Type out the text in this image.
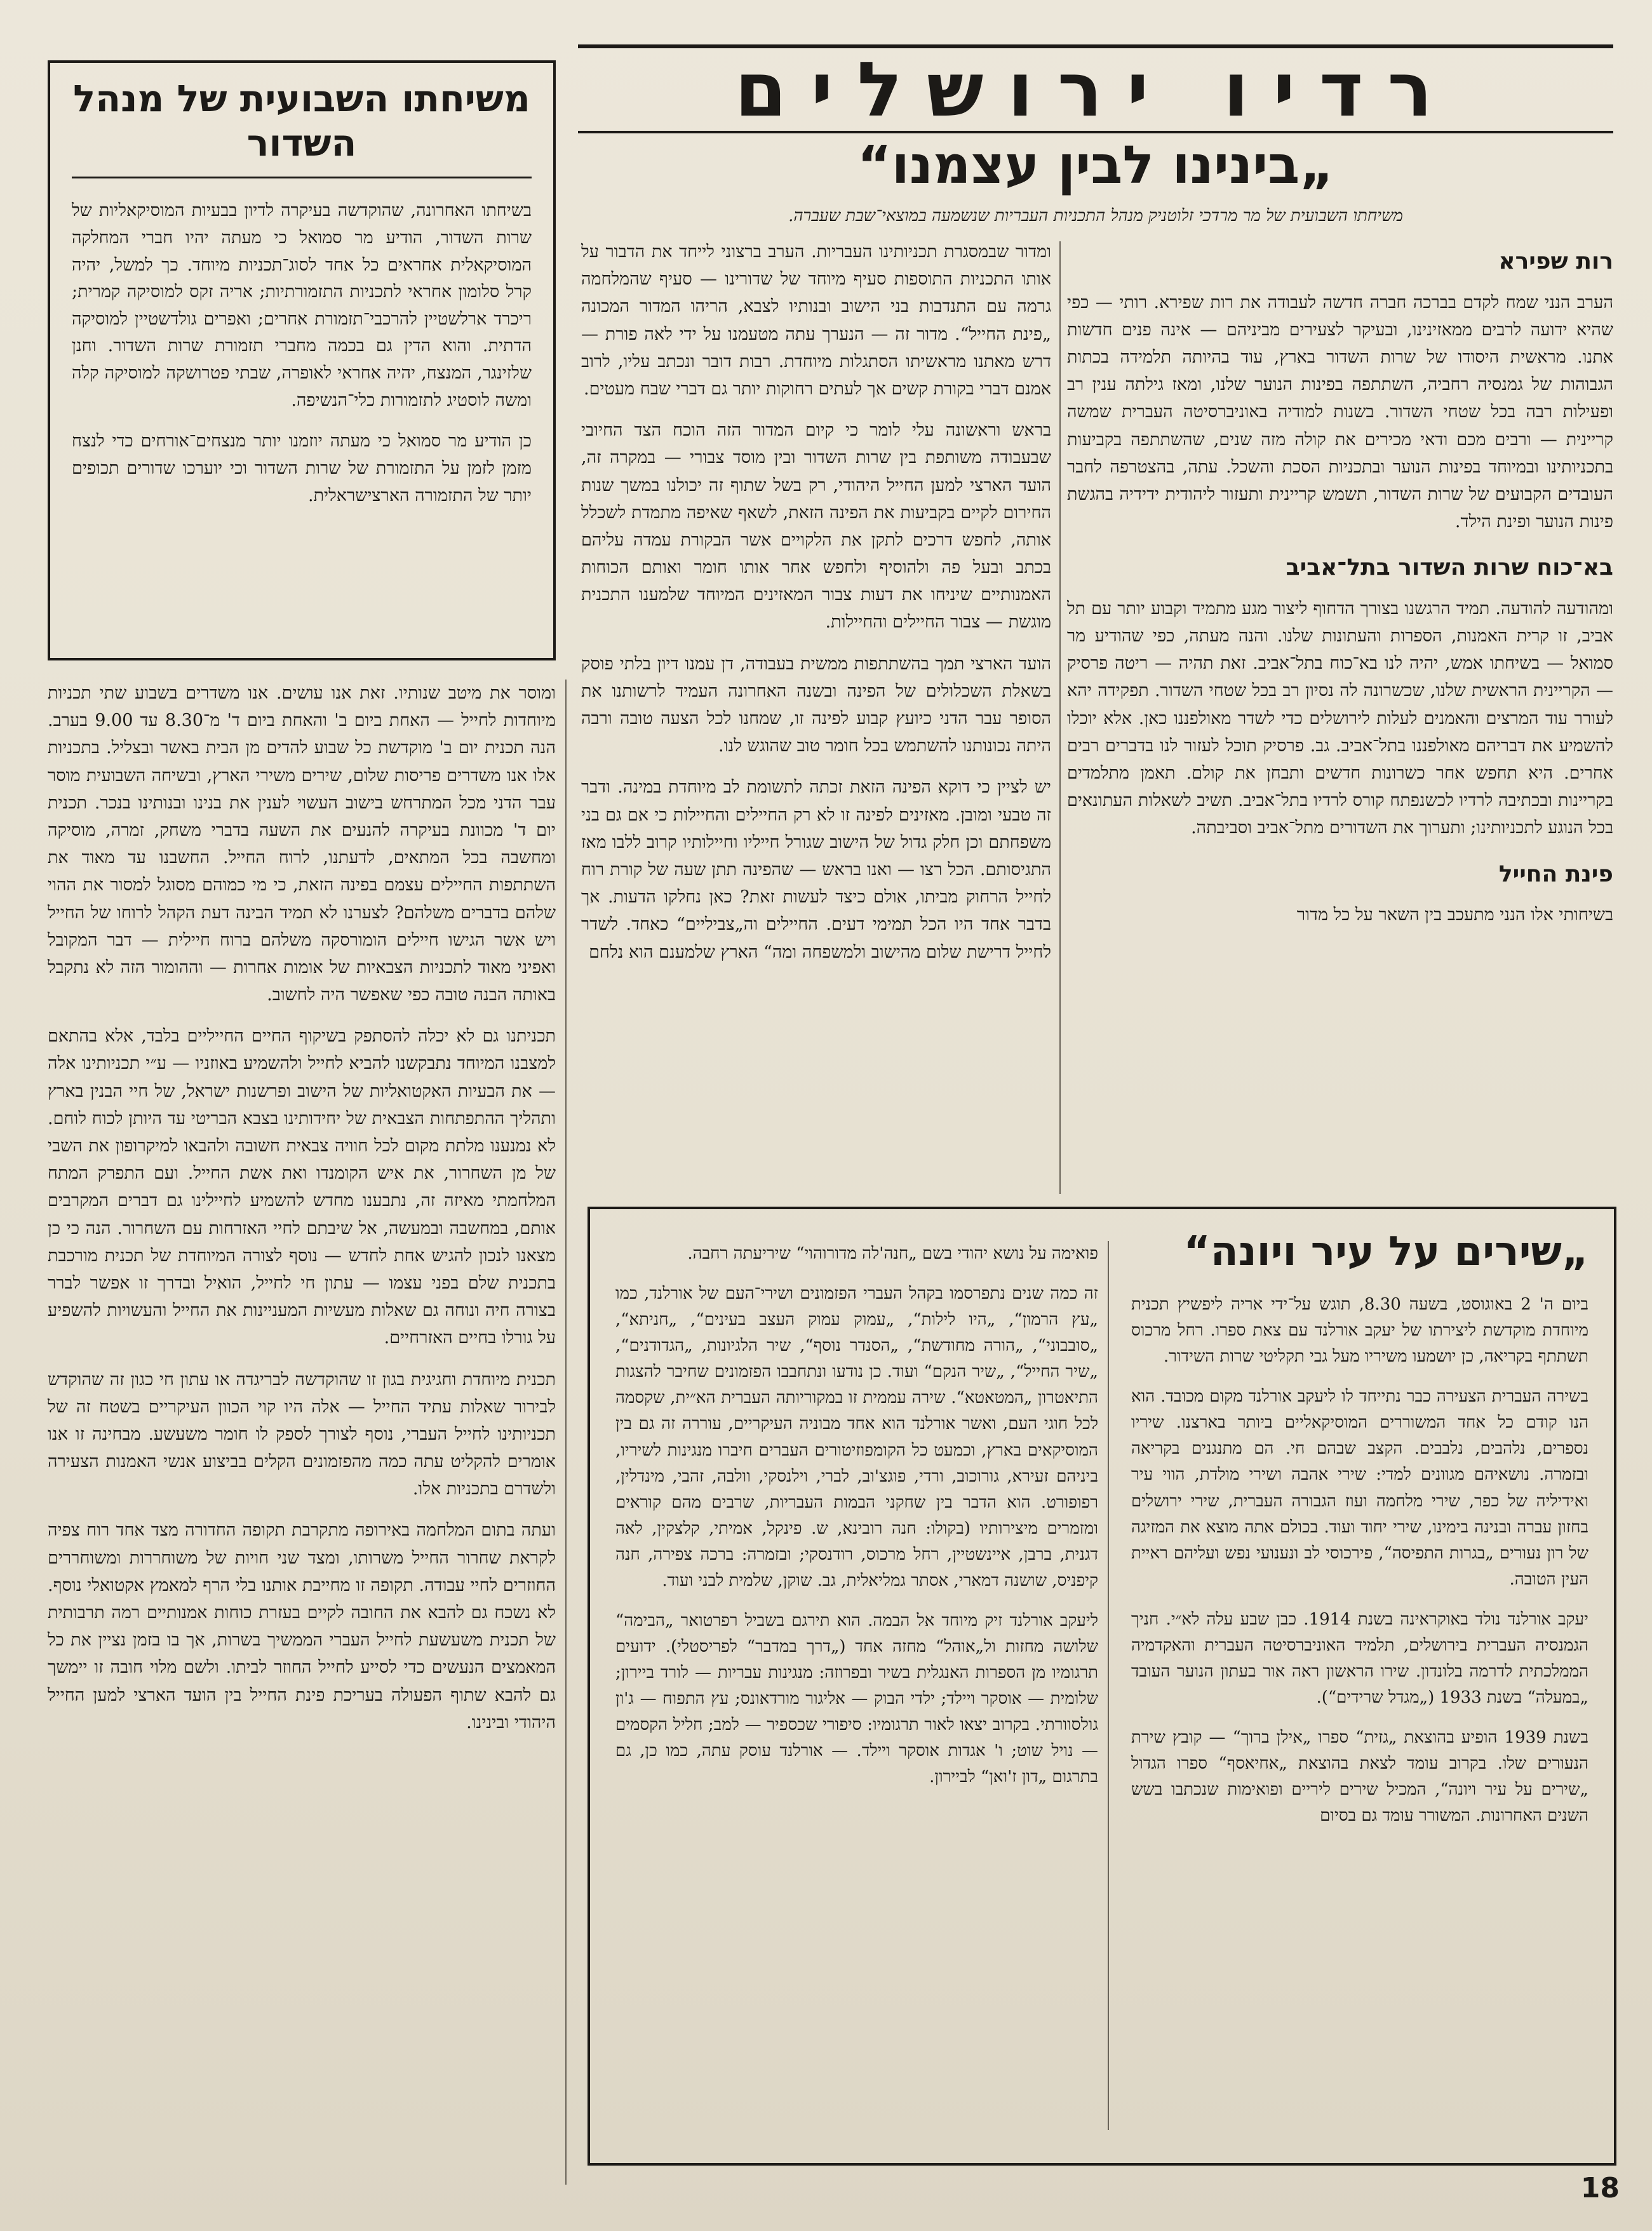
רדיו ירושלים
„בינינו לבין עצמנו“
משיחתו השבועית של מר מרדכי זלוטניק מנהל התכניות העבריות שנשמעה במוצאי־שבת שעברה.
משיחתו השבועית של מנהל השדור

בשיחתו האחרונה, שהוקדשה בעיקרה לדיון בבעיות המוסיקאליות של שרות השדור, הודיע מר סמואל כי מעתה יהיו חברי המחלקה המוסיקאלית אחראים כל אחד לסוג־תכניות מיוחד. כך למשל, יהיה קרל סלומון אחראי לתכניות התזמורתיות; אריה זקס למוסיקה קמרית; ריכרד ארלשטיין להרכבי־תזמורת אחרים; ואפרים גולדשטיין למוסיקה הדתית. והוא הדין גם בכמה מחברי תזמורת שרות השדור. וחנן שלזינגר, המנצח, יהיה אחראי לאופרה, שבתי פטרושקה למוסיקה קלה ומשה לוסטיג לתזמורות כלי־הנשיפה.

כן הודיע מר סמואל כי מעתה יוזמנו יותר מנצחים־אורחים כדי לנצח מזמן לזמן על התזמורת של שרות השדור וכי יוערכו שדורים תכופים יותר של התזמורה הארצישראלית.

רות שפירא

הערב הנני שמח לקדם בברכה חברה חדשה לעבודה את רות שפירא. רותי — כפי שהיא ידועה לרבים ממאזינינו, ובעיקר לצעירים מביניהם — אינה פנים חדשות אתנו. מראשית היסודו של שרות השדור בארץ, עוד בהיותה תלמידה בכתות הגבוהות של גמנסיה רחביה, השתתפה בפינות הנוער שלנו, ומאז גילתה ענין רב ופעילות רבה בכל שטחי השדור. בשנות למודיה באוניברסיטה העברית שמשה קריינית — ורבים מכם ודאי מכירים את קולה מזה שנים, שהשתתפה בקביעות בתכניותינו ובמיוחד בפינות הנוער ובתכניות הסכת והשכל. עתה, בהצטרפה לחבר העובדים הקבועים של שרות השדור, תשמש קריינית ותעזור ליהודית ידידיה בהגשת פינות הנוער ופינת הילד.

בא־כוח שרות השדור בתל־אביב

ומהודעה להודעה. תמיד הרגשנו בצורך הדחוף ליצור מגע מתמיד וקבוע יותר עם תל אביב, זו קרית האמנות, הספרות והעתונות שלנו. והנה מעתה, כפי שהודיע מר סמואל — בשיחתו אמש, יהיה לנו בא־כוח בתל־אביב. זאת תהיה — ריטה פרסיק — הקריינית הראשית שלנו, שכשרונה לה נסיון רב בכל שטחי השדור. תפקידה יהא לעורר עוד המרצים והאמנים לעלות לירושלים כדי לשדר מאולפננו כאן. אלא יוכלו להשמיע את דבריהם מאולפננו בתל־אביב. גב. פרסיק תוכל לעזור לנו בדברים רבים אחרים. היא תחפש אחר כשרונות חדשים ותבחן את קולם. תאמן מתלמדים בקריינות ובכתיבה לרדיו לכשנפתח קורס לרדיו בתל־אביב. תשיב לשאלות העתונאים בכל הנוגע לתכניותינו; ותערוך את השדורים מתל־אביב וסביבתה.

פינת החייל

בשיחותי אלו הנני מתעכב בין השאר על כל מדור

ומדור שבמסגרת תכניותינו העבריות. הערב ברצוני לייחד את הדבור על אותו התכניות התוספות סעיף מיוחד של שדורינו — סעיף שהמלחמה גרמה עם התנדבות בני הישוב ובנותיו לצבא, הריהו המדור המכונה „פינת החייל“. מדור זה — הנערך עתה מטעמנו על ידי לאה פורת — דרש מאתנו מראשיתו הסתגלות מיוחדת. רבות דובר ונכתב עליו, לרוב אמנם דברי בקורת קשים אך לעתים רחוקות יותר גם דברי שבח מעטים.

בראש וראשונה עלי לומר כי קיום המדור הזה הוכח הצד החיובי שבעבודה משותפת בין שרות השדור ובין מוסד צבורי — במקרה זה, הועד הארצי למען החייל היהודי, רק בשל שתוף זה יכולנו במשך שנות החירום לקיים בקביעות את הפינה הזאת, לשאף שאיפה מתמדת לשכלל אותה, לחפש דרכים לתקן את הלקויים אשר הבקורת עמדה עליהם בכתב ובעל פה ולהוסיף ולחפש אחר אותו חומר ואותם הכוחות האמנותיים שיניחו את דעות צבור המאזינים המיוחד שלמענו התכנית מוגשת — צבור החיילים והחיילות.

הועד הארצי תמך בהשתתפות ממשית בעבודה, דן עמנו דיון בלתי פוסק בשאלת השכלולים של הפינה ובשנה האחרונה העמיד לרשותנו את הסופר עבר הדני כיועץ קבוע לפינה זו, שמחנו לכל הצעה טובה ורבה היתה נכונותנו להשתמש בכל חומר טוב שהוגש לנו.

יש לציין כי דוקא הפינה הזאת זכתה לתשומת לב מיוחדת במינה. ודבר זה טבעי ומובן. מאזינים לפינה זו לא רק החיילים והחיילות כי אם גם בני משפחתם וכן חלק גדול של הישוב שגורל חייליו וחיילותיו קרוב ללבו מאז התגיסותם. הכל רצו — ואנו בראש — שהפינה תתן שעה של קורת רוח לחייל הרחוק מביתו, אולם כיצד לעשות זאת? כאן נחלקו הדעות. אך בדבר אחד היו הכל תמימי דעים. החיילים וה„צביליים“ כאחד. לשדר לחייל דרישת שלום מהישוב ולמשפחה ומה“ הארץ שלמענם הוא נלחם

ומוסר את מיטב שנותיו. זאת אנו עושים. אנו משדרים בשבוע שתי תכניות מיוחדות לחייל — האחת ביום ב' והאחת ביום ד' מ־8.30 עד 9.00 בערב. הנה תכנית יום ב' מוקדשת כל שבוע להדים מן הבית באשר ובצליל. בתכניות אלו אנו משדרים פריסות שלום, שירים משירי הארץ, ובשיחה השבועית מוסר עבר הדני מכל המתרחש בישוב העשוי לענין את בנינו ובנותינו בנכר. תכנית יום ד' מכוונת בעיקרה להנעים את השעה בדברי משחק, זמרה, מוסיקה ומחשבה בכל המתאים, לדעתנו, לרוח החייל. החשבנו עד מאוד את השתתפות החיילים עצמם בפינה הזאת, כי מי כמוהם מסוגל למסור את ההוי שלהם בדברים משלהם? לצערנו לא תמיד הבינה דעת הקהל לרוחו של החייל ויש אשר הגישו חיילים הומורסקה משלהם ברוח חיילית — דבר המקובל ואפיני מאוד לתכניות הצבאיות של אומות אחרות — וההומור הזה לא נתקבל באותה הבנה טובה כפי שאפשר היה לחשוב.

תכניתנו גם לא יכלה להסתפק בשיקוף החיים החייליים בלבד, אלא בהתאם למצבנו המיוחד נתבקשנו להביא לחייל ולהשמיע באוזניו — ע״י תכניותינו אלה — את הבעיות האקטואליות של הישוב ופרשנות ישראל, של חיי הבנין בארץ ותהליך ההתפתחות הצבאית של יחידותינו בצבא הבריטי עד היותן לכוח לוחם. לא נמנענו מלתת מקום לכל חוויה צבאית חשובה ולהבאו למיקרופון את השבי של מן השחרור, את איש הקומנדו ואת אשת החייל. ועם התפרק המתח המלחמתי מאיזה זה, נתבענו מחדש להשמיע לחיילינו גם דברים המקרבים אותם, במחשבה ובמעשה, אל שיבתם לחיי האזרחות עם השחרור. הנה כי כן מצאנו לנכון להגיש אחת לחדש — נוסף לצורה המיוחדת של תכנית מורכבת בתכנית שלם בפני עצמו — עתון חי לחייל, הואיל ובדרך זו אפשר לברר בצורה חיה ונוחה גם שאלות מעשיות המעניינות את החייל והעשויות להשפיע על גורלו בחיים האזרחיים.

תכנית מיוחדת וחגיגית בגון זו שהוקדשה לבריגדה או עתון חי כגון זה שהוקדש לבירור שאלות עתיד החייל — אלה היו קוי הכוון העיקריים בשטח זה של תכניותינו לחייל העברי, נוסף לצורך לספק לו חומר משעשע. מבחינה זו אנו אומרים להקליט עתה כמה מהפזמונים הקלים בביצוע אנשי האמנות הצעירה ולשדרם בתכניות אלו.

ועתה בתום המלחמה באירופה מתקרבת תקופה החדורה מצד אחד רוח צפיה לקראת שחרור החייל משרותו, ומצד שני חויות של משוחררות ומשוחררים החוזרים לחיי עבודה. תקופה זו מחייבת אותנו בלי הרף למאמץ אקטואלי נוסף. לא נשכח גם להבא את החובה לקיים בעזרת כוחות אמנותיים רמה תרבותית של תכנית משעשעת לחייל העברי הממשיך בשרות, אך בו בזמן נציין את כל המאמצים הנעשים כדי לסייע לחייל החוזר לביתו. ולשם מלוי חובה זו יימשך גם להבא שתוף הפעולה בעריכת פינת החייל בין הועד הארצי למען החייל היהודי ובינינו.

„שירים על עיר ויונה“

ביום ה' 2 באוגוסט, בשעה 8.30, תוגש על־ידי אריה ליפשיץ תכנית מיוחדת מוקדשת ליצירתו של יעקב אורלנד עם צאת ספרו. רחל מרכוס תשתתף בקריאה, כן יושמעו משיריו מעל גבי תקליטי שרות השידור.

בשירה העברית הצעירה כבר נתייחד לו ליעקב אורלנד מקום מכובד. הוא הנו קודם כל אחד המשוררים המוסיקאליים ביותר בארצנו. שיריו נספרים, נלהבים, נלבבים. הקצב שבהם חי. הם מתנגנים בקריאה ובזמרה. נושאיהם מגוונים למדי: שירי אהבה ושירי מולדת, הווי עיר ואידיליה של כפר, שירי מלחמה ועוז הגבורה העברית, שירי ירושלים בחזון עברה ובנינה בימינו, שירי יחוד ועוד. בכולם אתה מוצא את המזיגה של רון נעורים „בגרות התפיסה“, פירכוסי לב ונענועי נפש ועליהם ראיית העין הטובה.

יעקב אורלנד נולד באוקראינה בשנת 1914. כבן שבע עלה לא״י. חניך הגמנסיה העברית בירושלים, תלמיד האוניברסיטה העברית והאקדמיה הממלכתית לדרמה בלונדון. שירו הראשון ראה אור בעתון הנוער העובד „במעלה“ בשנת 1933 („מגדל שרידים“).

בשנת 1939 הופיע בהוצאת „גזית“ ספרו „אילן ברוך“ — קובץ שירת הנעורים שלו. בקרוב עומד לצאת בהוצאת „אחיאסף“ ספרו הגדול „שירים על עיר ויונה“, המכיל שירים ליריים ופואימות שנכתבו בשש השנים האחרונות. המשורר עומד גם בסיום

פואימה על נושא יהודי בשם „חנה'לה מדורוהוי“ שיריעתה רחבה.

זה כמה שנים נתפרסמו בקהל העברי הפזמונים ושירי־העם של אורלנד, כמו „עץ הרמון“, „היו לילות“, „עמוק עמוק העצב בעינים“, „חניתא“, „סובבוני“, „הורה מחודשת“, „הסנדר נוסף“, שיר הלגיונות, „הגדודנים“, „שיר החייל“, „שיר הנקם“ ועוד. כן נודעו ונתחבבו הפזמונים שחיבר להצגות התיאטרון „המטאטא“. שירה עממית זו במקוריותה העברית הא״ית, שקסמה לכל חוגי העם, ואשר אורלנד הוא אחד מבוניה העיקריים, עוררה זה גם בין המוסיקאים בארץ, וכמעט כל הקומפוזיטורים העברים חיברו מנגינות לשיריו, ביניהם זעירא, גורוכוב, ורדי, פוגצ'וב, לברי, וילנסקי, וולבה, זהבי, מינדלין, רפופורט. הוא הדבר בין שחקני הבמות העבריות, שרבים מהם קוראים ומזמרים מיצירותיו (בקולו: חנה רובינא, ש. פינקל, אמיתי, קלצקין, לאה דגנית, ברבן, איינשטיין, רחל מרכוס, רודנסקי; ובזמרה: ברכה צפירה, חנה קיפניס, שושנה דמארי, אסתר גמליאלית, גב. שוקן, שלמית לבני ועוד.

ליעקב אורלנד זיק מיוחד אל הבמה. הוא תירגם בשביל רפרטואר „הבימה“ שלושה מחזות ול„אוהל“ מחזה אחד („דרך במדבר“ לפריסטלי). ידועים תרגומיו מן הספרות האנגלית בשיר ובפרוזה: מנגינות עבריות — לורד ביירון; שלומית — אוסקר ויילד; ילדי הבוק — אליגור מורדאונס; עץ התפוח — ג'ון גולסוורתי. בקרוב יצאו לאור תרגומיו: סיפורי שכספיר — למב; חליל הקסמים — נויל שוט; ו' אגדות אוסקר ויילד. — אורלנד עוסק עתה, כמו כן, גם בתרגום „דון ז'ואן“ לביירון.

18
